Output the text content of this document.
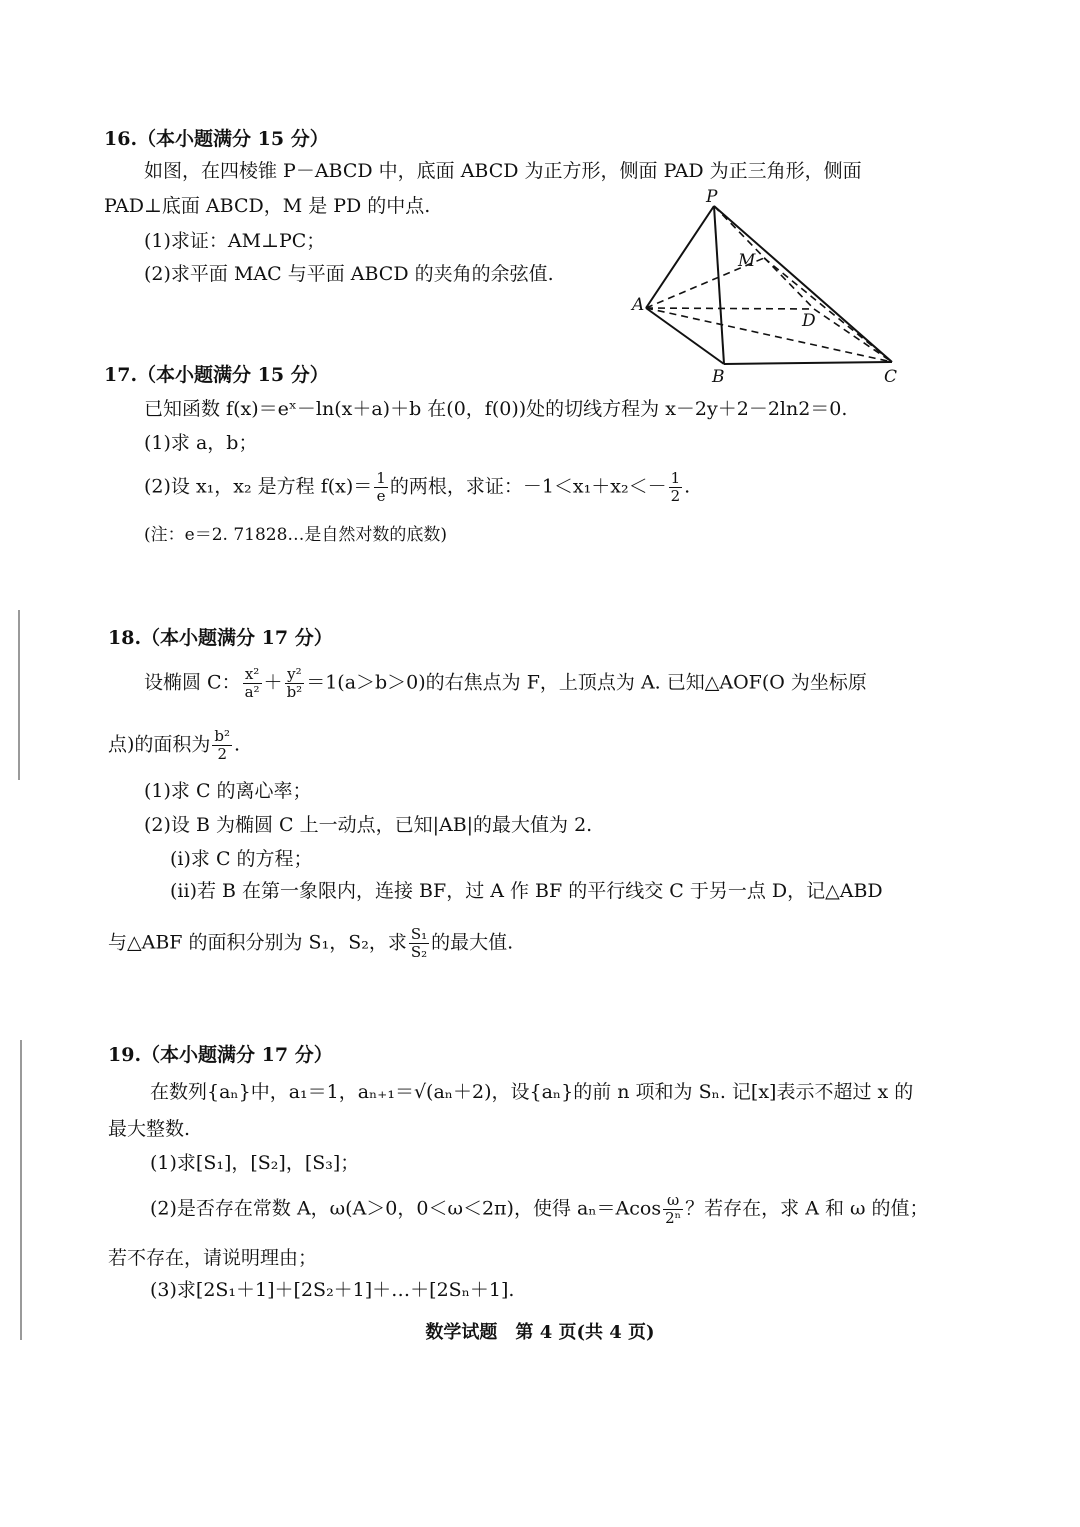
16.（本小题满分 15 分）
如图，在四棱锥 P－ABCD 中，底面 ABCD 为正方形，侧面 PAD 为正三角形，侧面
PAD⊥底面 ABCD，M 是 PD 的中点.
(1)求证：AM⊥PC；
(2)求平面 MAC 与平面 ABCD 的夹角的余弦值.
P
M
A
D
B	C
17.（本小题满分 15 分）
已知函数 f(x)＝eˣ－ln(x＋a)＋b 在(0，f(0))处的切线方程为 x－2y＋2－2ln2＝0.
(1)求 a，b；
(2)设 x₁，x₂ 是方程 $f(x)= \frac{1}{e}$ 的两根，求证：$-1<x_1+x_2<- \frac{1}{2}$ .
(注：e＝2. 71828…是自然对数的底数)
18.（本小题满分 17 分）
设椭圆 C： $\frac{\text{x²}}{\text{a²}} + \frac{\text{y²}}{\text{b²}} =1(a>b>0)$的右焦点为 F，上顶点为 A. 已知△AOF(O 为坐标原
点)的面积为 $\frac{\text{b²}}{2}$ .
(1)求 C 的离心率；
(2)设 B 为椭圆 C 上一动点，已知|AB|的最大值为 2.
(i)求 C 的方程；
(ii)若 B 在第一象限内，连接 BF，过 A 作 BF 的平行线交 C 于另一点 D，记△ABD
与△ABF 的面积分别为 S₁，S₂，求 $\frac{\text{S₁}}{\text{S₂}}$ 的最大值.
19.（本小题满分 17 分）
在数列{aₙ}中，a₁＝1，aₙ₊₁＝√(aₙ＋2)，设{aₙ}的前 n 项和为 Sₙ. 记[x]表示不超过 x 的
最大整数.
(1)求[S₁]，[S₂]，[S₃]；
(2)是否存在常数 A，ω(A＞0，0＜ω＜2π)，使得 $a_n=Acos \frac{\omega}{\text{2ⁿ}}$ ？若存在，求 A 和 ω 的值；
若不存在，请说明理由；
(3)求[2S₁＋1]＋[2S₂＋1]＋…＋[2Sₙ＋1].
数学试题　第 4 页(共 4 页)
